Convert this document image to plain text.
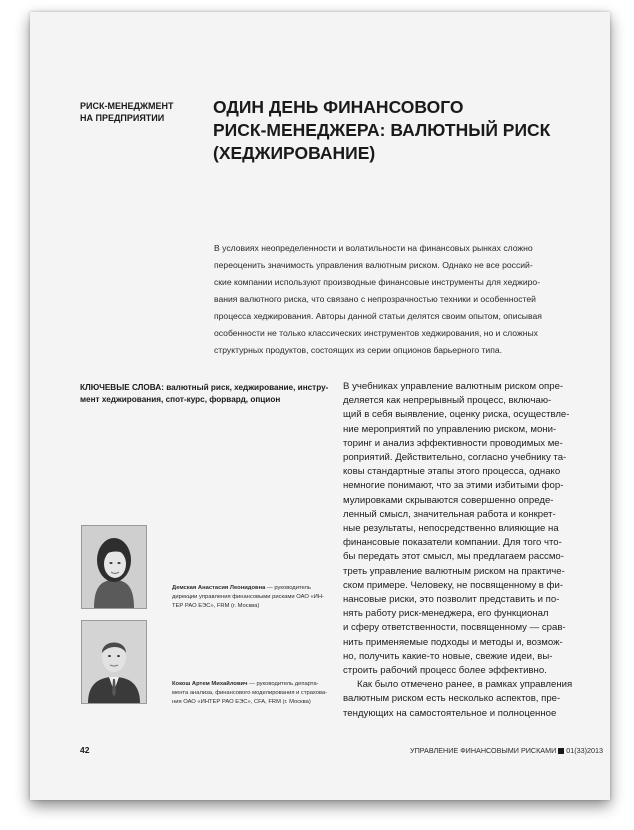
РИСК-МЕНЕДЖМЕНТ
НА ПРЕДПРИЯТИИ
ОДИН ДЕНЬ ФИНАНСОВОГО
РИСК-МЕНЕДЖЕРА: ВАЛЮТНЫЙ РИСК
(ХЕДЖИРОВАНИЕ)
В условиях неопределенности и волатильности на финансовых рынках сложно
переоценить значимость управления валютным риском. Однако не все россий-
ские компании используют производные финансовые инструменты для хеджиро-
вания валютного риска, что связано с непрозрачностью техники и особенностей
процесса хеджирования. Авторы данной статьи делятся своим опытом, описывая
особенности не только классических инструментов хеджирования, но и сложных
структурных продуктов, состоящих из серии опционов барьерного типа.
КЛЮЧЕВЫЕ СЛОВА: валютный риск, хеджирование, инстру-
мент хеджирования, спот-курс, форвард, опцион
В учебниках управление валютным риском опре-
деляется как непрерывный процесс, включаю-
щий в себя выявление, оценку риска, осуществле-
ние мероприятий по управлению риском, мони-
торинг и анализ эффективности проводимых ме-
роприятий. Действительно, согласно учебнику та-
ковы стандартные этапы этого процесса, однако
немногие понимают, что за этими избитыми фор-
мулировками скрываются совершенно опреде-
ленный смысл, значительная работа и конкрет-
ные результаты, непосредственно влияющие на
финансовые показатели компании. Для того что-
бы передать этот смысл, мы предлагаем рассмо-
треть управление валютным риском на практиче-
ском примере. Человеку, не посвященному в фи-
нансовые риски, это позволит представить и по-
нять работу риск-менеджера, его функционал
и сферу ответственности, посвященному — срав-
нить применяемые подходы и методы и, возмож-
но, получить какие-то новые, свежие идеи, вы-
строить рабочий процесс более эффективно.
Как было отмечено ранее, в рамках управления
валютным риском есть несколько аспектов, пре-
тендующих на самостоятельное и полноценное
Демская Анастасия Леонидовна — руководитель
дирекции управления финансовыми рисками ОАО «ИН-
ТЕР РАО ЕЭС», FRM (г. Москва)
Кокош Артем Михайлович — руководитель департа-
мента анализа, финансового моделирования и страхова-
ния ОАО «ИНТЕР РАО ЕЭС», CFA, FRM (г. Москва)
42	УПРАВЛЕНИЕ ФИНАНСОВЫМИ РИСКАМИ 01(33)2013
